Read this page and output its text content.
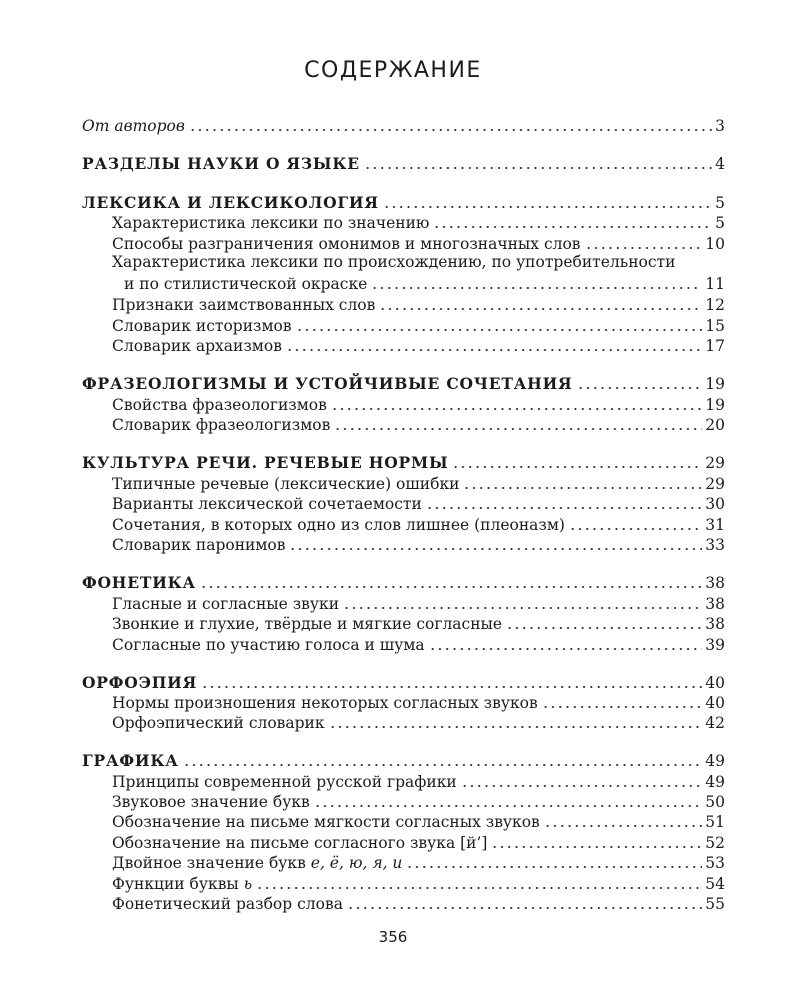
СОДЕРЖАНИЕ
От авторов	3
РАЗДЕЛЫ НАУКИ О ЯЗЫКЕ	4
ЛЕКСИКА И ЛЕКСИКОЛОГИЯ	5
Характеристика лексики по значению	5
Способы разграничения омонимов и многозначных слов	10
Характеристика лексики по происхождению, по употребительности
и по стилистической окраске	11
Признаки заимствованных слов	12
Словарик историзмов	15
Словарик архаизмов	17
ФРАЗЕОЛОГИЗМЫ И УСТОЙЧИВЫЕ СОЧЕТАНИЯ	19
Свойства фразеологизмов	19
Словарик фразеологизмов	20
КУЛЬТУРА РЕЧИ. РЕЧЕВЫЕ НОРМЫ	29
Типичные речевые (лексические) ошибки	29
Варианты лексической сочетаемости	30
Сочетания, в которых одно из слов лишнее (плеоназм)	31
Словарик паронимов	33
ФОНЕТИКА	38
Гласные и согласные звуки	38
Звонкие и глухие, твёрдые и мягкие согласные	38
Согласные по участию голоса и шума	39
ОРФОЭПИЯ	40
Нормы произношения некоторых согласных звуков	40
Орфоэпический словарик	42
ГРАФИКА	49
Принципы современной русской графики	49
Звуковое значение букв	50
Обозначение на письме мягкости согласных звуков	51
Обозначение на письме согласного звука [й’]	52
Двойное значение букв е, ё, ю, я, и	53
Функции буквы ь	54
Фонетический разбор слова	55
356
